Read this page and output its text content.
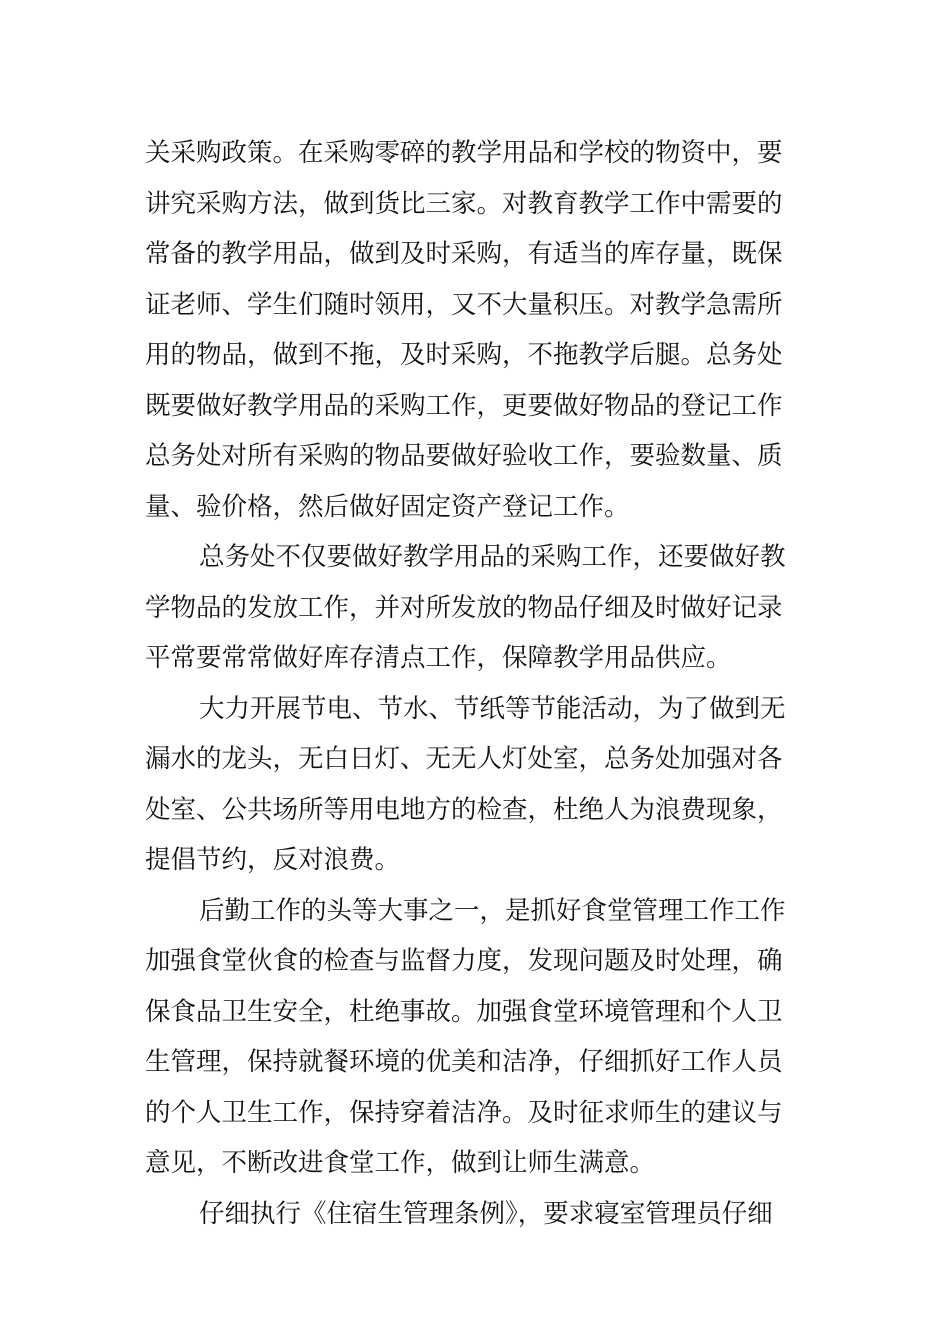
关采购政策。在采购零碎的教学用品和学校的物资中，要
讲究采购方法，做到货比三家。对教育教学工作中需要的
常备的教学用品，做到及时采购，有适当的库存量，既保
证老师、学生们随时领用，又不大量积压。对教学急需所
用的物品，做到不拖，及时采购，不拖教学后腿。总务处
既要做好教学用品的采购工作，更要做好物品的登记工作
总务处对所有采购的物品要做好验收工作，要验数量、质
量、验价格，然后做好固定资产登记工作。
总务处不仅要做好教学用品的采购工作，还要做好教
学物品的发放工作，并对所发放的物品仔细及时做好记录
平常要常常做好库存清点工作，保障教学用品供应。
大力开展节电、节水、节纸等节能活动，为了做到无
漏水的龙头，无白日灯、无无人灯处室，总务处加强对各
处室、公共场所等用电地方的检查，杜绝人为浪费现象，
提倡节约，反对浪费。
后勤工作的头等大事之一，是抓好食堂管理工作工作
加强食堂伙食的检查与监督力度，发现问题及时处理，确
保食品卫生安全，杜绝事故。加强食堂环境管理和个人卫
生管理，保持就餐环境的优美和洁净，仔细抓好工作人员
的个人卫生工作，保持穿着洁净。及时征求师生的建议与
意见，不断改进食堂工作，做到让师生满意。
仔细执行《住宿生管理条例》，要求寝室管理员仔细
